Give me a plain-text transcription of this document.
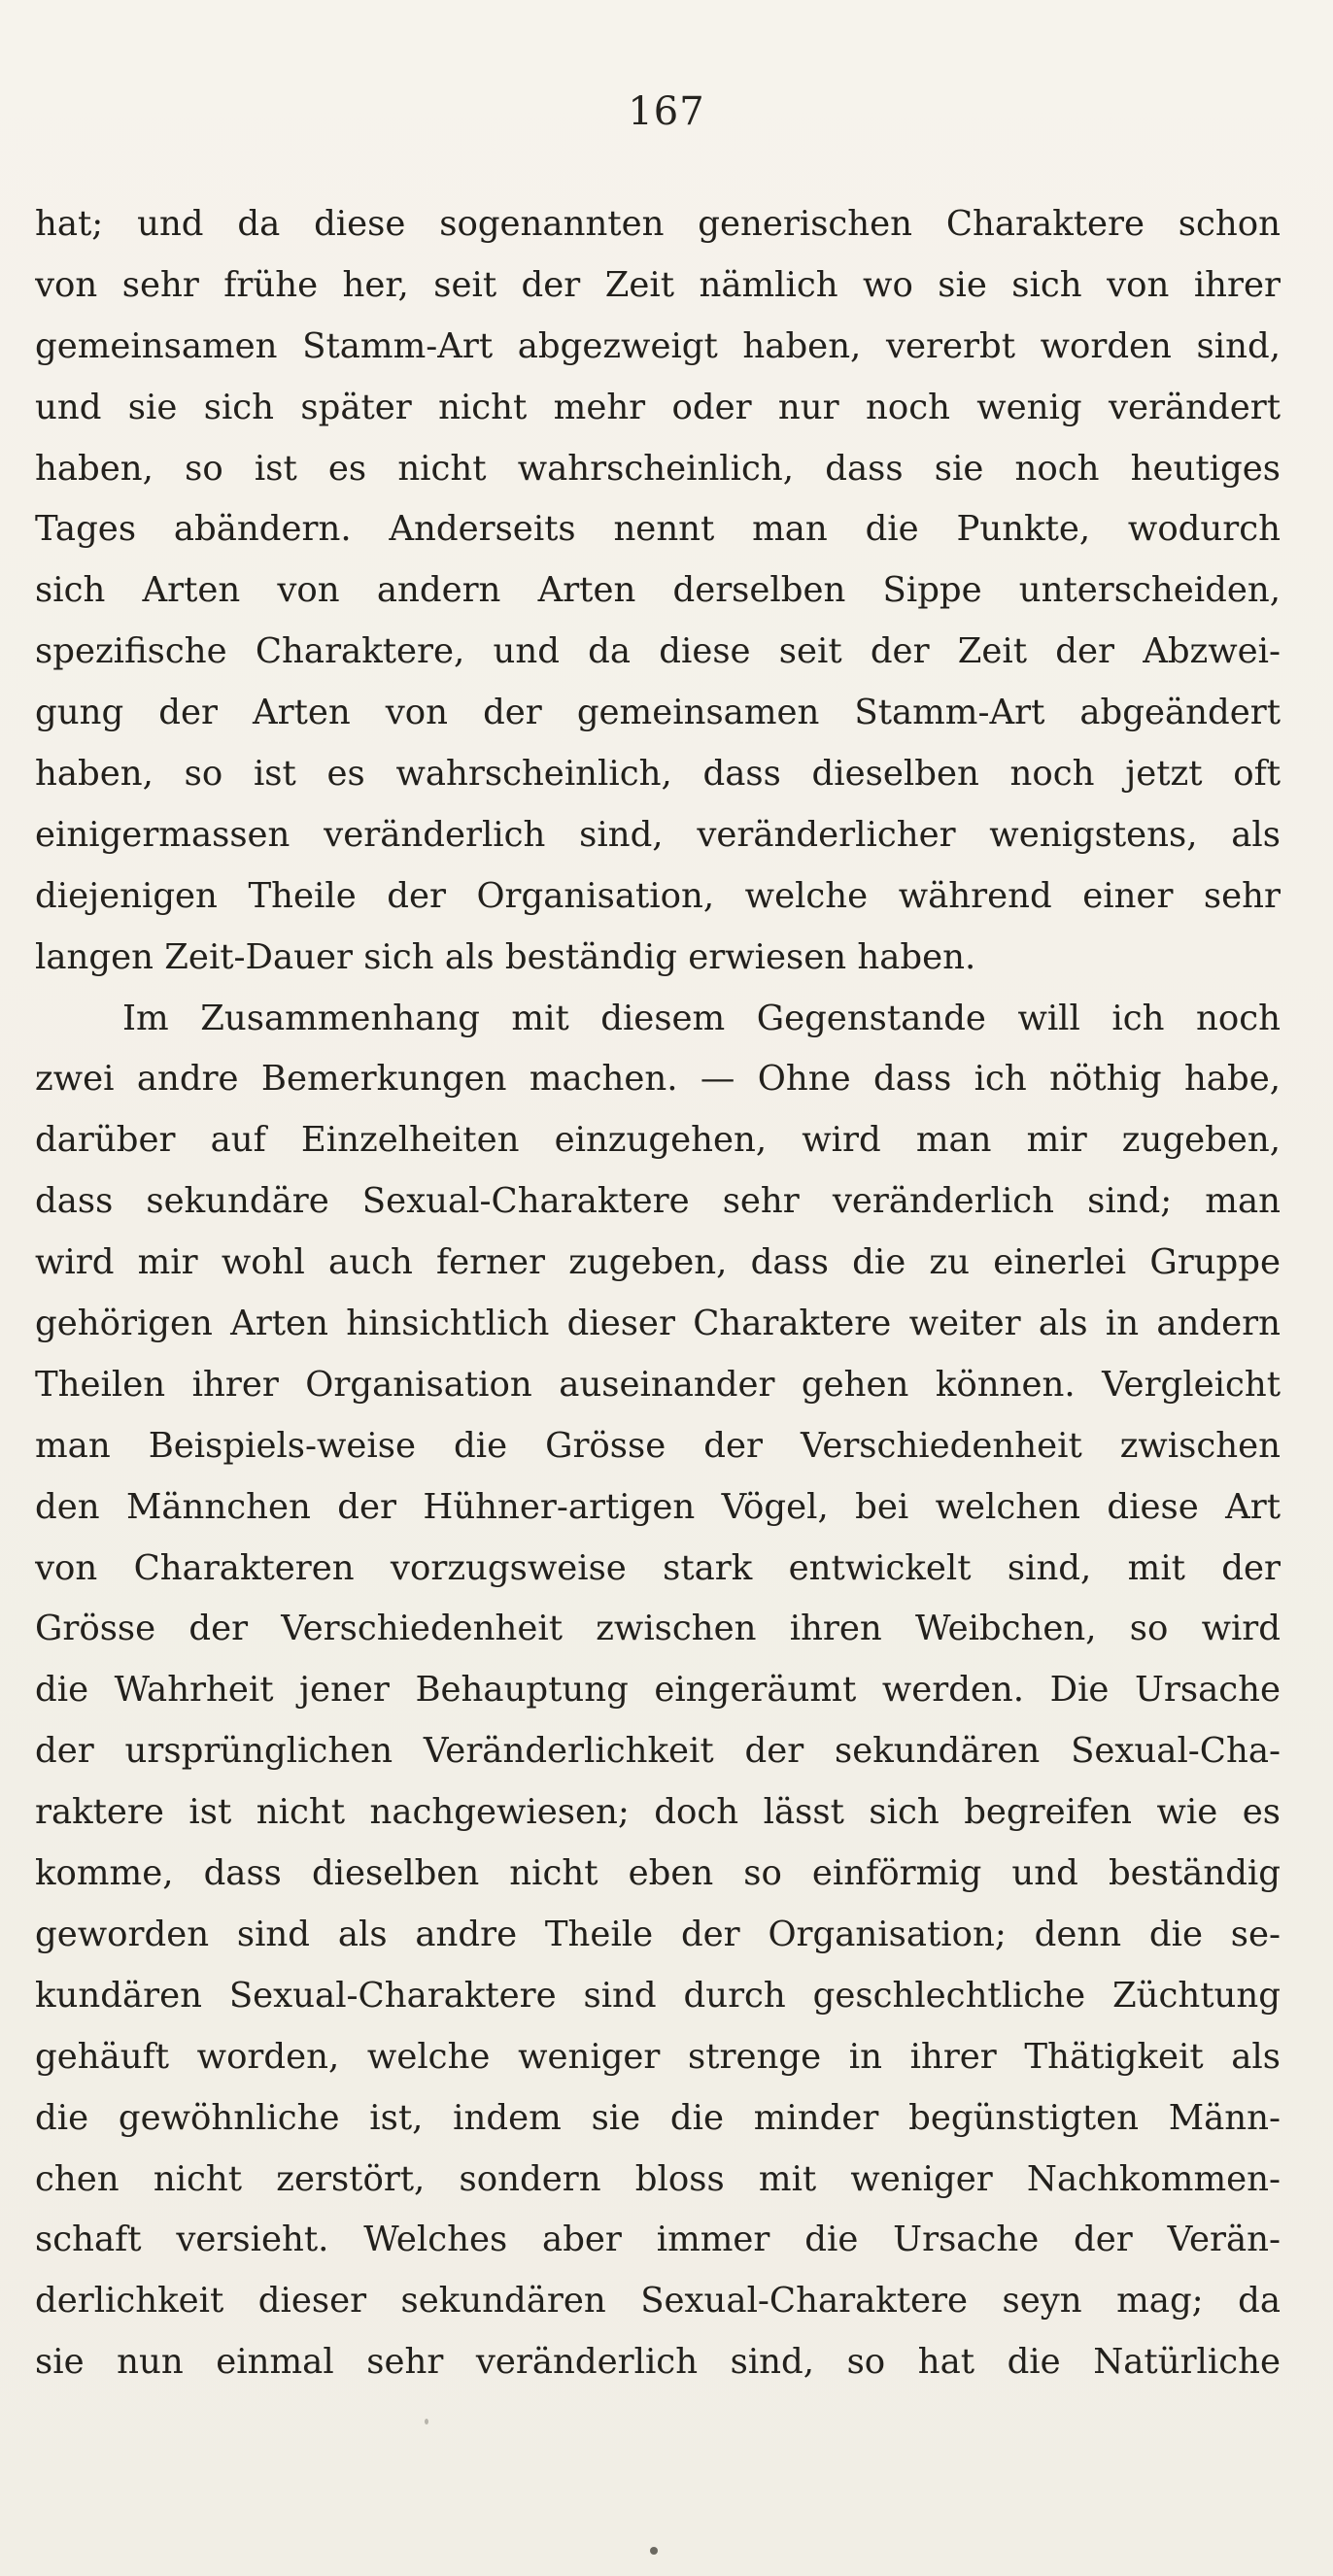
167
hat; und da diese sogenannten generischen Charaktere schon
von sehr frühe her, seit der Zeit nämlich wo sie sich von ihrer
gemeinsamen Stamm-Art abgezweigt haben, vererbt worden sind,
und sie sich später nicht mehr oder nur noch wenig verändert
haben, so ist es nicht wahrscheinlich, dass sie noch heutiges
Tages abändern. Anderseits nennt man die Punkte, wodurch
sich Arten von andern Arten derselben Sippe unterscheiden,
spezifische Charaktere, und da diese seit der Zeit der Abzwei-
gung der Arten von der gemeinsamen Stamm-Art abgeändert
haben, so ist es wahrscheinlich, dass dieselben noch jetzt oft
einigermassen veränderlich sind, veränderlicher wenigstens, als
diejenigen Theile der Organisation, welche während einer sehr
langen Zeit-Dauer sich als beständig erwiesen haben.
Im Zusammenhang mit diesem Gegenstande will ich noch
zwei andre Bemerkungen machen. — Ohne dass ich nöthig habe,
darüber auf Einzelheiten einzugehen, wird man mir zugeben,
dass sekundäre Sexual-Charaktere sehr veränderlich sind; man
wird mir wohl auch ferner zugeben, dass die zu einerlei Gruppe
gehörigen Arten hinsichtlich dieser Charaktere weiter als in andern
Theilen ihrer Organisation auseinander gehen können. Vergleicht
man Beispiels-weise die Grösse der Verschiedenheit zwischen
den Männchen der Hühner-artigen Vögel, bei welchen diese Art
von Charakteren vorzugsweise stark entwickelt sind, mit der
Grösse der Verschiedenheit zwischen ihren Weibchen, so wird
die Wahrheit jener Behauptung eingeräumt werden. Die Ursache
der ursprünglichen Veränderlichkeit der sekundären Sexual-Cha-
raktere ist nicht nachgewiesen; doch lässt sich begreifen wie es
komme, dass dieselben nicht eben so einförmig und beständig
geworden sind als andre Theile der Organisation; denn die se-
kundären Sexual-Charaktere sind durch geschlechtliche Züchtung
gehäuft worden, welche weniger strenge in ihrer Thätigkeit als
die gewöhnliche ist, indem sie die minder begünstigten Männ-
chen nicht zerstört, sondern bloss mit weniger Nachkommen-
schaft versieht. Welches aber immer die Ursache der Verän-
derlichkeit dieser sekundären Sexual-Charaktere seyn mag; da
sie nun einmal sehr veränderlich sind, so hat die Natürliche
